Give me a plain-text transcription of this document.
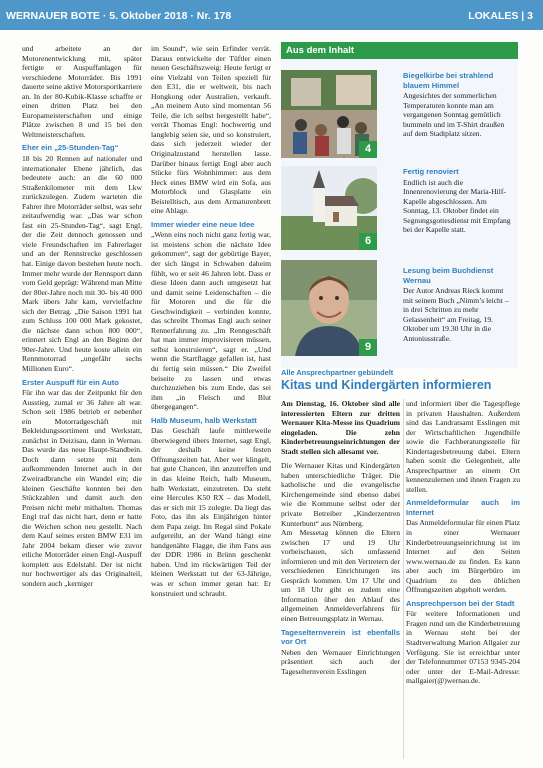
WERNAUER BOTE · 5. Oktober 2018 · Nr. 178	LOKALES | 3

und arbeitete an der Motorenentwicklung mit, später fertigte er Auspuffanlagen für verschiedene Motorräder. Bis 1991 dauerte seine aktive Motorsportkarriere an. In der 80-Kubik-Klasse schaffte er einen dritten Platz bei den Europameisterschaften und einige Plätze zwischen 8 und 15 bei den Weltmeisterschaften.

Eher ein „25-Stunden-Tag“

18 bis 20 Rennen auf nationaler und internationaler Ebene jährlich, das bedeutete auch: an die 60 000 Straßenkilometer mit dem Lkw zurückzulegen. Zudem warteten die Fahrer ihre Motorräder selbst, was sehr zeitaufwendig war. „Das war schon fast ein 25-Stunden-Tag“, sagt Engl, der die Zeit dennoch genossen und viele Freundschaften im Fahrerlager und an der Rennstrecke geschlossen hat. Einige davon bestehen heute noch. Immer mehr wurde der Rennsport dann vom Geld geprägt: Während man Mitte der 80er-Jahre noch mit 30- bis 40 000 Mark übers Jahr kam, vervielfachte sich der Betrag. „Die Saison 1991 hat zum Schluss 100 000 Mark gekostet, die nächste dann schon 800 000“, erinnert sich Engl an den Beginn der 90er-Jahre. Und heute koste allein ein Rennmotorrad „ungefähr sechs Millionen Euro“.

Erster Auspuff für ein Auto

Für ihn war das der Zeitpunkt für den Ausstieg, zumal er 36 Jahre alt war. Schon seit 1986 betrieb er nebenher ein Motorradgeschäft mit Bekleidungssortiment und Werkstatt, zunächst in Deizisau, dann in Wernau. Das wurde das neue Haupt-Standbein. Doch dann setzte mit dem aufkommenden Internet auch in der Zweiradbranche ein Wandel ein; die kleinen Geschäfte konnten bei den Stückzahlen und damit auch den Preisen nicht mehr mithalten. Thomas Engl traf das nicht hart, denn er hatte die Weichen schon neu gestellt. Nach dem Kauf seines ersten BMW E31 im Jahr 2004 bekam dieser wie zuvor etliche Motorräder einen Engl-Auspuff komplett aus Edelstahl. Der ist nicht nur hochwertiger als das Originalteil, sondern auch „kerniger

im Sound“, wie sein Erfinder verrät. Daraus entwickelte der Tüftler einen neuen Geschäftszweig: Heute fertigt er eine Vielzahl von Teilen speziell für den E31, die er weltweit, bis nach Hongkong oder Australien, verkauft. „An meinem Auto sind momentan 56 Teile, die ich selbst hergestellt habe“, verrät Thomas Engl: hochwertig und langlebig seien sie, und so konstruiert, dass sich jederzeit wieder der Originalzustand herstellen lasse. Darüber hinaus fertigt Engl aber auch Stücke fürs Wohnhimmer: aus dem Heck eines BMW wird ein Sofa, aus Motorblock und Glasplatte ein Beistelltisch, aus dem Armaturenbrett eine Ablage.

Immer wieder eine neue Idee

„Wenn eins noch nicht ganz fertig war, ist meistens schon die nächste Idee gekommen“, sagt der gebürtige Bayer, der sich längst in Schwaben daheim fühlt, wo er seit 46 Jahren lebt. Dass er diese Ideen dann auch umgesetzt hat und damit seine Leidenschaften – die für Motoren und die für die Geschwindigkeit – verbinden konnte, das schreibt Thomas Engl auch seiner Rennerfahrung zu. „Im Renngeschäft hat man immer improvisieren müssen, selbst konstruieren“, sagt er. „Und wenn die Startflagge gefallen ist, hast du fertig sein müssen.“ Die Zweifel beiseite zu lassen und etwas durchzuziehen bis zum Ende, das sei ihm „in Fleisch und Blut übergegangen“.

Halb Museum, halb Werkstatt

Das Geschäft laufe mittlerweile überwiegend übers Internet, sagt Engl, der deshalb keine festen Öffnungszeiten hat. Aber wer klingelt, hat gute Chancen, ihn anzutreffen und in das kleine Reich, halb Museum, halb Werkstatt, einzutreten. Da steht eine Hercules K50 RX – das Modell, das er sich mit 15 zulegte. Da liegt das Foto, das ihn als Einjährigen hinter dem Papa zeigt. Im Regal sind Pokale aufgereiht, an der Wand hängt eine handgenähte Flagge, die ihm Fans aus der DDR 1986 in Brünn geschenkt haben. Und im rückwärtigen Teil der kleinen Werkstatt tut der 63-Jährige, was er schon immer getan hat: Er konstruiert und schraubt.

Aus dem Inhalt
4
Biegelkirbe bei strahlend blauem Himmel

Angesichtes der sommerlichen Temperaturen konnte man am vergangenen Sonntag gemütlich bummeln und im T-Shirt draußen auf dem Stadtplatz sitzen.

6
Fertig renoviert

Endlich ist auch die Innenrenovierung der Maria-Hilf-Kapelle abgeschlossen. Am Sonntag, 13. Oktober findet ein Segnungsgottesdienst mit Empfang bei der Kapelle statt.

9
Lesung beim Buchdienst Wernau

Der Autor Andreas Rieck kommt mit seinem Buch „Nimm’s leicht – in drei Schritten zu mehr Gelassenheit“ am Freitag, 19. Oktober um 19.30 Uhr in die Antoniusstraße.

Alle Ansprechpartner gebündelt
Kitas und Kindergärten informieren

Am Dienstag, 16. Oktober sind alle interessierten Eltern zur dritten Wernauer Kita-Messe ins Quadrium eingeladen. Die zehn Kinderbetreuungseinrichtungen der Stadt stellen sich allesamt vor.

Die Wernauer Kitas und Kindergärten haben unterschiedliche Träger. Die katholische und die evangelische Kirchengemeinde sind ebenso dabei wie die Kommune selbst oder der private Betreiber „Kinderzentren Kunterbunt“ aus Nürnberg.

Am Messetag können die Eltern zwischen 17 und 19 Uhr vorbeischauen, sich umfassend informieren und mit den Vertretern der verschiedenen Einrichtungen ins Gespräch kommen. Um 17 Uhr und um 18 Uhr gibt es zudem eine Information über den Ablauf des allgemeinen Anmeldeverfahrens für einen Betreuungsplatz in Wernau.

Tageselternverein ist ebenfalls vor Ort

Neben den Wernauer Einrichtungen präsentiert sich auch der Tageselternverein Esslingen

und informiert über die Tagespflege in privaten Haushalten. Außerdem sind das Landratsamt Esslingen mit der Wirtschaftlichen Jugendhilfe sowie die Fachberatungsstelle für Kindertagesbetreuung dabei. Eltern haben somit die Gelegenheit, alle Ansprechpartner an einem Ort kennenzulernen und ihnen Fragen zu stellen.

Anmeldeformular auch im Internet

Das Anmeldeformular für einen Platz in einer Wernauer Kinderbetreuungseinrichtung ist im Internet auf den Seiten www.wernau.de zu finden. Es kann aber auch im Bürgerbüro im Quadrium zu den üblichen Öffnungszeiten abgeholt werden.

Ansprechperson bei der Stadt

Für weitere Informationen und Fragen rund um die Kinderbetreuung in Wernau steht bei der Stadtverwaltung Marion Allgaier zur Verfügung. Sie ist erreichbar unter der Telefonnummer 07153 9345-204 oder unter der E-Mail-Adresse: mallgaier(@)wernau.de.
